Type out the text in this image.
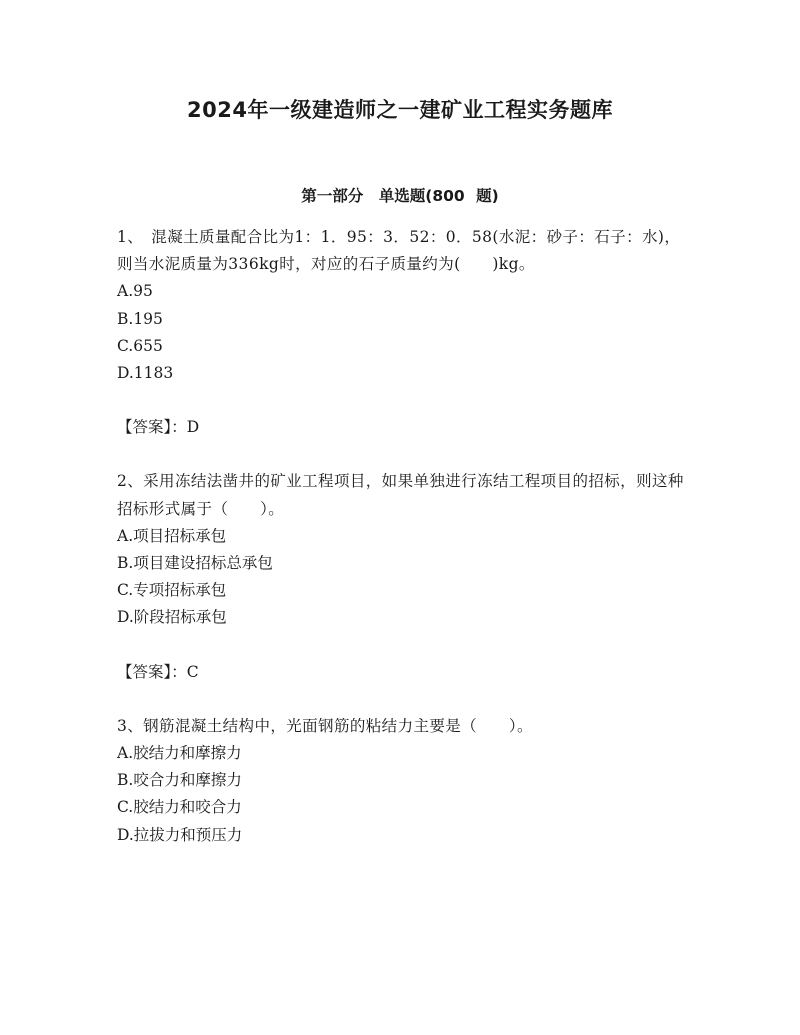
2024年一级建造师之一建矿业工程实务题库
第一部分　单选题(800 题)
1、　混凝土质量配合比为1：1．95：3．52：0．58(水泥：砂子：石子：水)，则当水泥质量为336kg时，对应的石子质量约为(　　)kg。
A.95
B.195
C.655
D.1183
【答案】：D
2、采用冻结法凿井的矿业工程项目，如果单独进行冻结工程项目的招标，则这种招标形式属于（　　）。
A.项目招标承包
B.项目建设招标总承包
C.专项招标承包
D.阶段招标承包
【答案】：C
3、钢筋混凝土结构中，光面钢筋的粘结力主要是（　　）。
A.胶结力和摩擦力
B.咬合力和摩擦力
C.胶结力和咬合力
D.拉拔力和预压力
